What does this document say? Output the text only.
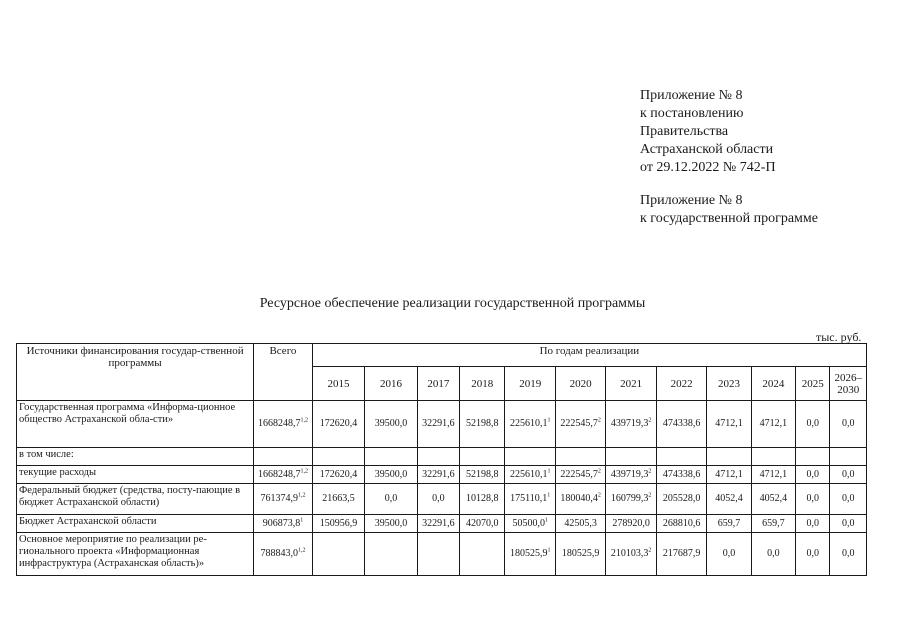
Приложение № 8
к постановлению
Правительства
Астраханской области
от 29.12.2022 № 742-П
Приложение № 8
к государственной программе
Ресурсное обеспечение реализации государственной программы
тыс. руб.
Источники финансирования государ-ственной программы	Всего	По годам реализации											
		2015	2016	2017	2018	2019	2020	2021	2022	2023	2024	2025	2026–2030
Государственная программа «Информа-ционное общество Астраханской обла-сти»	1668248,7$^{1,2}$	172620,4	39500,0	32291,6	52198,8	225610,1$^1$	222545,7$^2$	439719,3$^2$	474338,6	4712,1	4712,1	0,0	0,0
в том числе:													
текущие расходы	1668248,7$^{1,2}$	172620,4	39500,0	32291,6	52198,8	225610,1$^1$	222545,7$^2$	439719,3$^2$	474338,6	4712,1	4712,1	0,0	0,0
Федеральный бюджет (средства, посту-пающие в бюджет Астраханской области)	761374,9$^{1,2}$	21663,5	0,0	0,0	10128,8	175110,1$^1$	180040,4$^2$	160799,3$^2$	205528,0	4052,4	4052,4	0,0	0,0
Бюджет Астраханской области	906873,8$^1$	150956,9	39500,0	32291,6	42070,0	50500,0$^1$	42505,3	278920,0	268810,6	659,7	659,7	0,0	0,0
Основное мероприятие по реализации ре-гионального проекта «Информационная инфраструктура (Астраханская область)»	788843,0$^{1,2}$					180525,9$^1$	180525,9	210103,3$^2$	217687,9	0,0	0,0	0,0	0,0
